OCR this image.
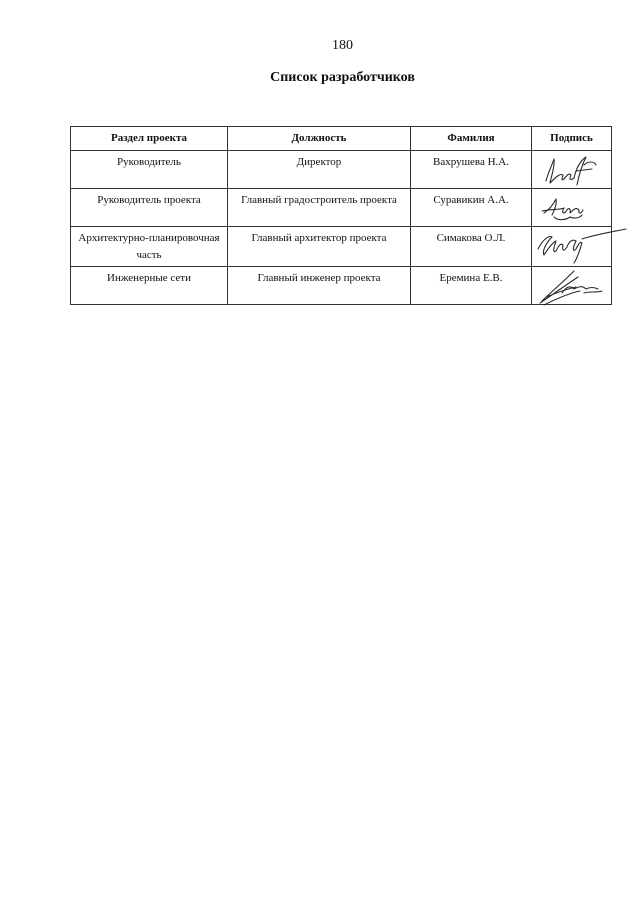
180
Список разработчиков
Раздел проекта	Должность	Фамилия	Подпись
Руководитель	Директор	Вахрушева Н.А.	

Руководитель проекта	Главный градостроитель проекта	Суравикин А.А.	

Архитектурно-планировочная часть	Главный архитектор проекта	Симакова О.Л.	

Инженерные сети	Главный инженер проекта	Еремина Е.В.	
